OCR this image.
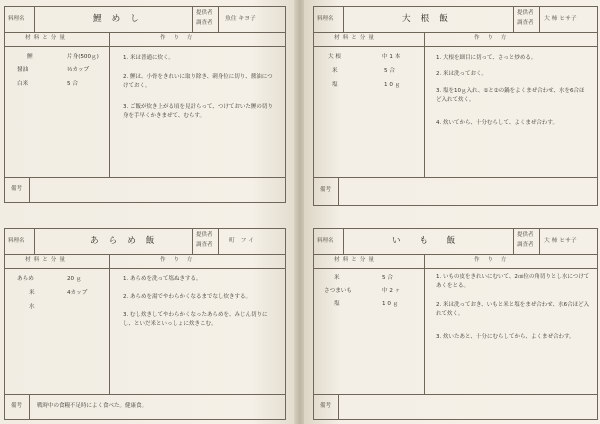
料理名	鯉めし
提供者
調査者
魚住 キヨ子
材料と分量	作 り 方
鯉	片身(500ｇ)
醤油	½カップ
白米	5 合
1. 米は普通に炊く。
2. 鯉は、小骨をきれいに取り除き、刺身位に切り、醤油につけておく。
3. ご飯が炊き上がる頃を見計らって、つけておいた鯉の切り身を手早くかきまぜて、むらす。
備考
料理名	大根飯
提供者
調査者
大 柿 ヒサ子
材料と分量	作 り 方
大 根	中 1 本
米	5 合
塩	1 0 ｇ
1. 大根を細目に切って、さっと炒める。
2. 米は洗っておく。
3. 塩を10ｇ入れ、①と②の鍋をよくまぜ合わせ、水を6合ほど入れて炊く。
4. 炊いてから、十分むらして、よくまぜ合わす。
備考
料理名	あらめ飯
提供者
調査者
町　フ イ
材料と分量	作 り 方
あらめ	20 ｇ
米	4カップ
水
1. あらめを洗って塩ぬきする。
2. あらめを湯でやわらかくなるまでなし炊きする。
3. むし炊きしてやわらかくなったあらめを、みじん切りにし、といだ米といっしょに炊きこむ。
備考	戦時中の食糧不足時によく食べた。健康食。
料理名	い も 飯
提供者
調査者
大 柿 ヒサ子
材料と分量	作 り 方
米	5 合
さつまいも	中 2 ヶ
塩	1 0 ｇ
1. いもの皮をきれいにむいて、2㎝位の角切りとし水につけてあくをとる。
2. 米は洗っておき、いもと米と塩をまぜ合わせ、水6合ほど入れて炊く。
3. 炊いたあと、十分にむらしてから、よくまぜ合わす。
備考
